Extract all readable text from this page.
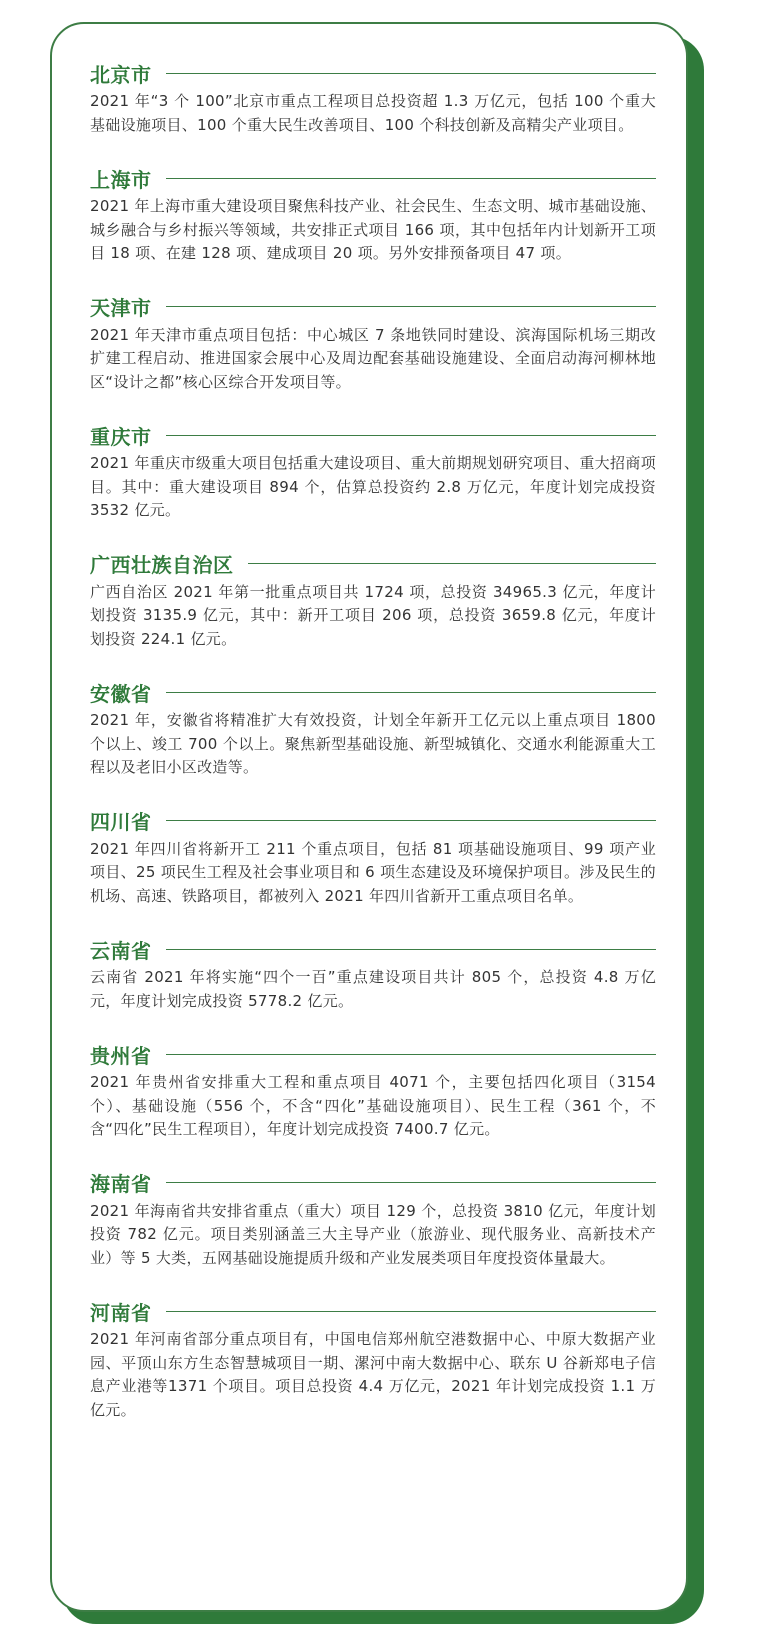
北京市

2021 年“3 个 100”北京市重点工程项目总投资超 1.3 万亿元，包括 100 个重大基础设施项目、100 个重大民生改善项目、100 个科技创新及高精尖产业项目。

上海市

2021 年上海市重大建设项目聚焦科技产业、社会民生、生态文明、城市基础设施、城乡融合与乡村振兴等领域，共安排正式项目 166 项，其中包括年内计划新开工项目 18 项、在建 128 项、建成项目 20 项。另外安排预备项目 47 项。

天津市

2021 年天津市重点项目包括：中心城区 7 条地铁同时建设、滨海国际机场三期改扩建工程启动、推进国家会展中心及周边配套基础设施建设、全面启动海河柳林地区“设计之都”核心区综合开发项目等。

重庆市

2021 年重庆市级重大项目包括重大建设项目、重大前期规划研究项目、重大招商项目。其中：重大建设项目 894 个，估算总投资约 2.8 万亿元，年度计划完成投资 3532 亿元。

广西壮族自治区

广西自治区 2021 年第一批重点项目共 1724 项，总投资 34965.3 亿元，年度计划投资 3135.9 亿元，其中：新开工项目 206 项，总投资 3659.8 亿元，年度计划投资 224.1 亿元。

安徽省

2021 年，安徽省将精准扩大有效投资，计划全年新开工亿元以上重点项目 1800 个以上、竣工 700 个以上。聚焦新型基础设施、新型城镇化、交通水利能源重大工程以及老旧小区改造等。

四川省

2021 年四川省将新开工 211 个重点项目，包括 81 项基础设施项目、99 项产业项目、25 项民生工程及社会事业项目和 6 项生态建设及环境保护项目。涉及民生的机场、高速、铁路项目，都被列入 2021 年四川省新开工重点项目名单。

云南省

云南省 2021 年将实施“四个一百”重点建设项目共计 805 个，总投资 4.8 万亿元，年度计划完成投资 5778.2 亿元。

贵州省

2021 年贵州省安排重大工程和重点项目 4071 个，主要包括四化项目（3154 个）、基础设施（556 个，不含“四化”基础设施项目）、民生工程（361 个，不含“四化”民生工程项目），年度计划完成投资 7400.7 亿元。

海南省

2021 年海南省共安排省重点（重大）项目 129 个，总投资 3810 亿元，年度计划投资 782 亿元。项目类别涵盖三大主导产业（旅游业、现代服务业、高新技术产业）等 5 大类，五网基础设施提质升级和产业发展类项目年度投资体量最大。

河南省

2021 年河南省部分重点项目有，中国电信郑州航空港数据中心、中原大数据产业园、平顶山东方生态智慧城项目一期、漯河中南大数据中心、联东 U 谷新郑电子信息产业港等1371 个项目。项目总投资 4.4 万亿元，2021 年计划完成投资 1.1 万亿元。
